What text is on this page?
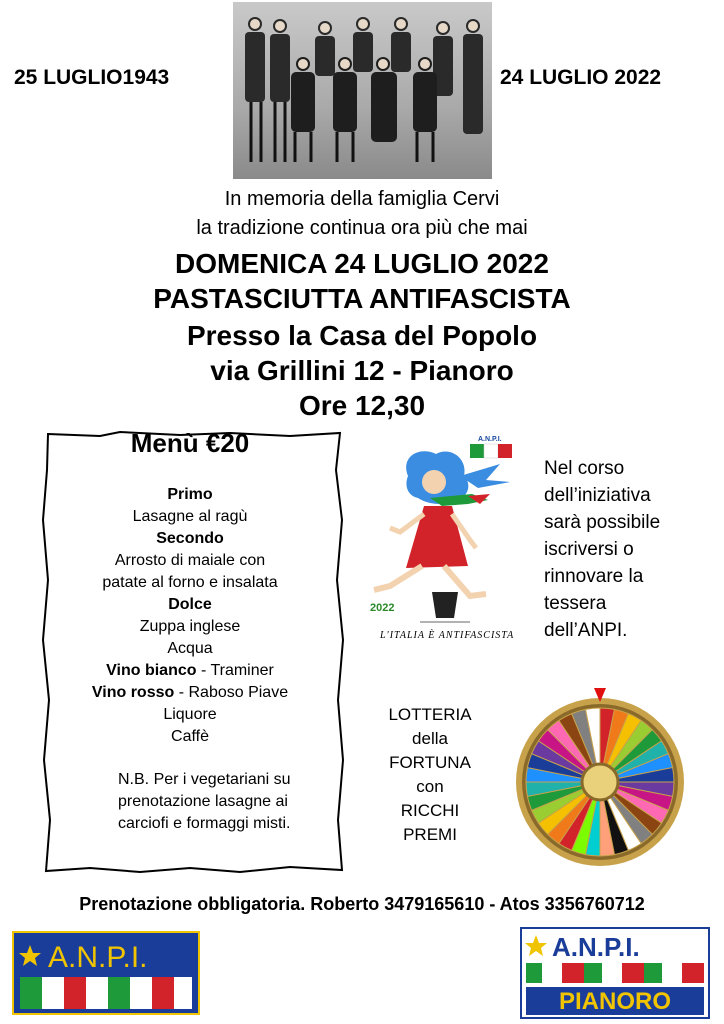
25 LUGLIO1943	24 LUGLIO 2022
In memoria della famiglia Cervi
la tradizione continua ora più che mai
DOMENICA 24 LUGLIO 2022
PASTASCIUTTA ANTIFASCISTA
Presso la Casa del Popolo
via Grillini 12 - Pianoro
Ore 12,30
Menù €20
Primo
Lasagne al ragù
Secondo
Arrosto di maiale con
patate al forno e insalata
Dolce
Zuppa inglese
Acqua
Vino bianco - Traminer
Vino rosso - Raboso Piave
Liquore
Caffè
N.B. Per i vegetariani su
prenotazione lasagne ai
carciofi e formaggi misti.
A.N.P.I.
2022
L'ITALIA È ANTIFASCISTA
Nel corso
dell’iniziativa
sarà possibile
iscriversi o
rinnovare la
tessera
dell’ANPI.
LOTTERIA
della
FORTUNA
con
RICCHI
PREMI
Prenotazione obbligatoria. Roberto 3479165610 - Atos 3356760712
A.N.P.I.	A.N.P.I.
PIANORO
